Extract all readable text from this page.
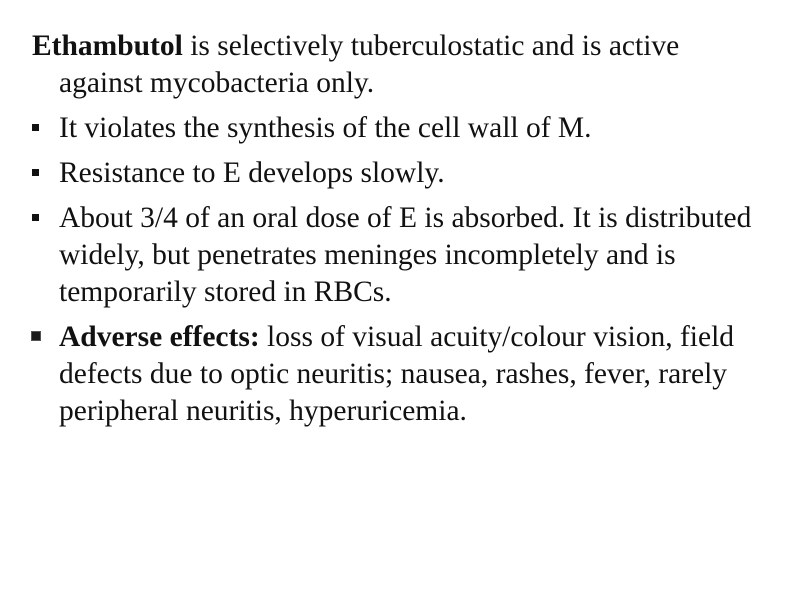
Ethambutol is selectively tuberculostatic and is active against mycobacteria only.
It violates the synthesis of the cell wall of M.
Resistance to E develops slowly.
About 3/4 of an oral dose of E is absorbed. It is distributed widely, but penetrates meninges incompletely and is temporarily stored in RBCs.
Adverse effects: loss of visual acuity/colour vision, field defects due to optic neuritis; nausea, rashes, fever, rarely peripheral neuritis, hyperuricemia.
